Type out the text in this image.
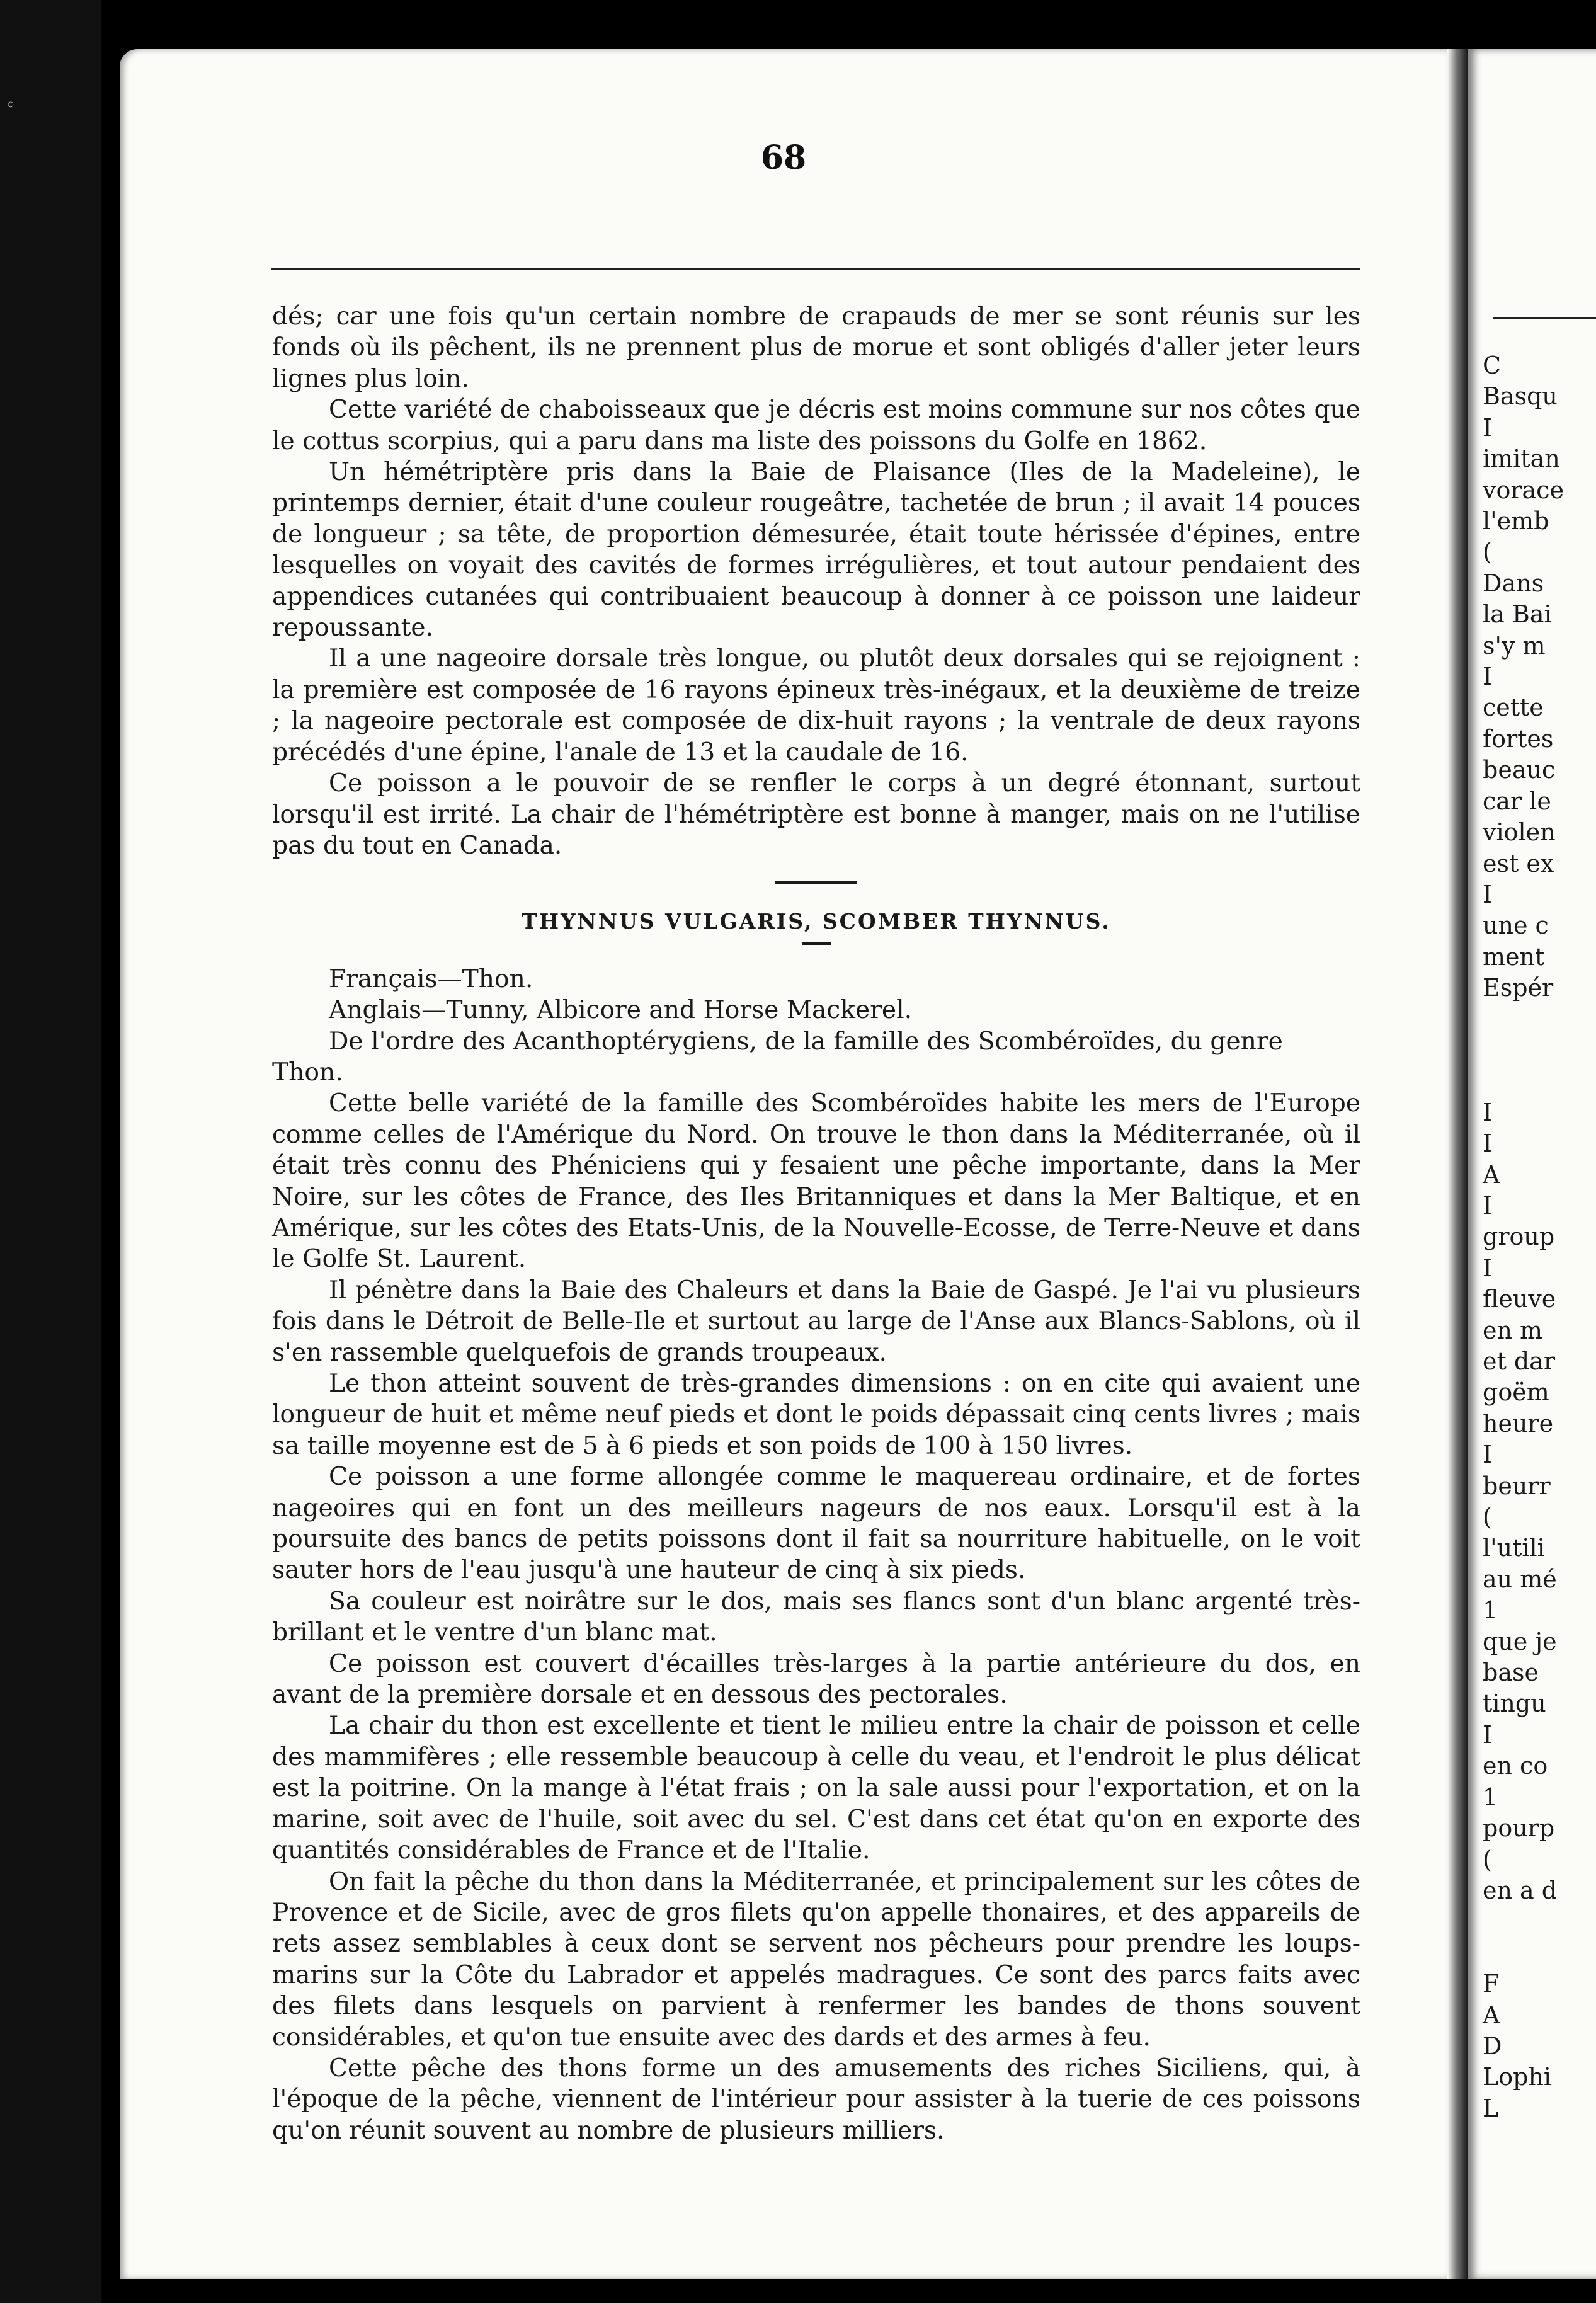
◦
C
Basqu
I
imitan
vorace
l'emb
(
Dans
la Bai
s'y m
I
cette
fortes
beauc
car le
violen
est ex
I
une c
ment
Espér

I
I
A
I
group
I
fleuve
en m
et dar
goëm
heure
I
beurr
(
l'utili
au mé
1
que je
base
tingu
I
en co
1
pourp
(
en a d

F
A
D
Lophi
L
68

dés; car une fois qu'un certain nombre de crapauds de mer se sont réunis sur les fonds où ils pêchent, ils ne prennent plus de morue et sont obligés d'aller jeter leurs lignes plus loin.

Cette variété de chaboisseaux que je décris est moins commune sur nos côtes que le cottus scorpius, qui a paru dans ma liste des poissons du Golfe en 1862.

Un hémétriptère pris dans la Baie de Plaisance (Iles de la Madeleine), le printemps dernier, était d'une couleur rougeâtre, tachetée de brun ; il avait 14 pouces de longueur ; sa tête, de proportion démesurée, était toute hérissée d'épines, entre lesquelles on voyait des cavités de formes irrégulières, et tout autour pendaient des appendices cutanées qui contribuaient beaucoup à donner à ce poisson une laideur repoussante.

Il a une nageoire dorsale très longue, ou plutôt deux dorsales qui se rejoignent : la première est composée de 16 rayons épineux très-inégaux, et la deuxième de treize ; la nageoire pectorale est composée de dix-huit rayons ; la ventrale de deux rayons précédés d'une épine, l'anale de 13 et la caudale de 16.

Ce poisson a le pouvoir de se renfler le corps à un degré étonnant, surtout lorsqu'il est irrité. La chair de l'hémétriptère est bonne à manger, mais on ne l'utilise pas du tout en Canada.

THYNNUS VULGARIS, SCOMBER THYNNUS.

Français—Thon.

Anglais—Tunny, Albicore and Horse Mackerel.

De l'ordre des Acanthoptérygiens, de la famille des Scombéroïdes, du genre Thon.

Cette belle variété de la famille des Scombéroïdes habite les mers de l'Europe comme celles de l'Amérique du Nord. On trouve le thon dans la Méditerranée, où il était très connu des Phéniciens qui y fesaient une pêche importante, dans la Mer Noire, sur les côtes de France, des Iles Britanniques et dans la Mer Baltique, et en Amérique, sur les côtes des Etats-Unis, de la Nouvelle-Ecosse, de Terre-Neuve et dans le Golfe St. Laurent.

Il pénètre dans la Baie des Chaleurs et dans la Baie de Gaspé. Je l'ai vu plusieurs fois dans le Détroit de Belle-Ile et surtout au large de l'Anse aux Blancs-Sablons, où il s'en rassemble quelquefois de grands troupeaux.

Le thon atteint souvent de très-grandes dimensions : on en cite qui avaient une longueur de huit et même neuf pieds et dont le poids dépassait cinq cents livres ; mais sa taille moyenne est de 5 à 6 pieds et son poids de 100 à 150 livres.

Ce poisson a une forme allongée comme le maquereau ordinaire, et de fortes nageoires qui en font un des meilleurs nageurs de nos eaux. Lorsqu'il est à la poursuite des bancs de petits poissons dont il fait sa nourriture habituelle, on le voit sauter hors de l'eau jusqu'à une hauteur de cinq à six pieds.

Sa couleur est noirâtre sur le dos, mais ses flancs sont d'un blanc argenté très-brillant et le ventre d'un blanc mat.

Ce poisson est couvert d'écailles très-larges à la partie antérieure du dos, en avant de la première dorsale et en dessous des pectorales.

La chair du thon est excellente et tient le milieu entre la chair de poisson et celle des mammifères ; elle ressemble beaucoup à celle du veau, et l'endroit le plus délicat est la poitrine. On la mange à l'état frais ; on la sale aussi pour l'exportation, et on la marine, soit avec de l'huile, soit avec du sel. C'est dans cet état qu'on en exporte des quantités considérables de France et de l'Italie.

On fait la pêche du thon dans la Méditerranée, et principalement sur les côtes de Provence et de Sicile, avec de gros filets qu'on appelle thonaires, et des appareils de rets assez semblables à ceux dont se servent nos pêcheurs pour prendre les loups-marins sur la Côte du Labrador et appelés madragues. Ce sont des parcs faits avec des filets dans lesquels on parvient à renfermer les bandes de thons souvent considérables, et qu'on tue ensuite avec des dards et des armes à feu.

Cette pêche des thons forme un des amusements des riches Siciliens, qui, à l'époque de la pêche, viennent de l'intérieur pour assister à la tuerie de ces poissons qu'on réunit souvent au nombre de plusieurs milliers.
